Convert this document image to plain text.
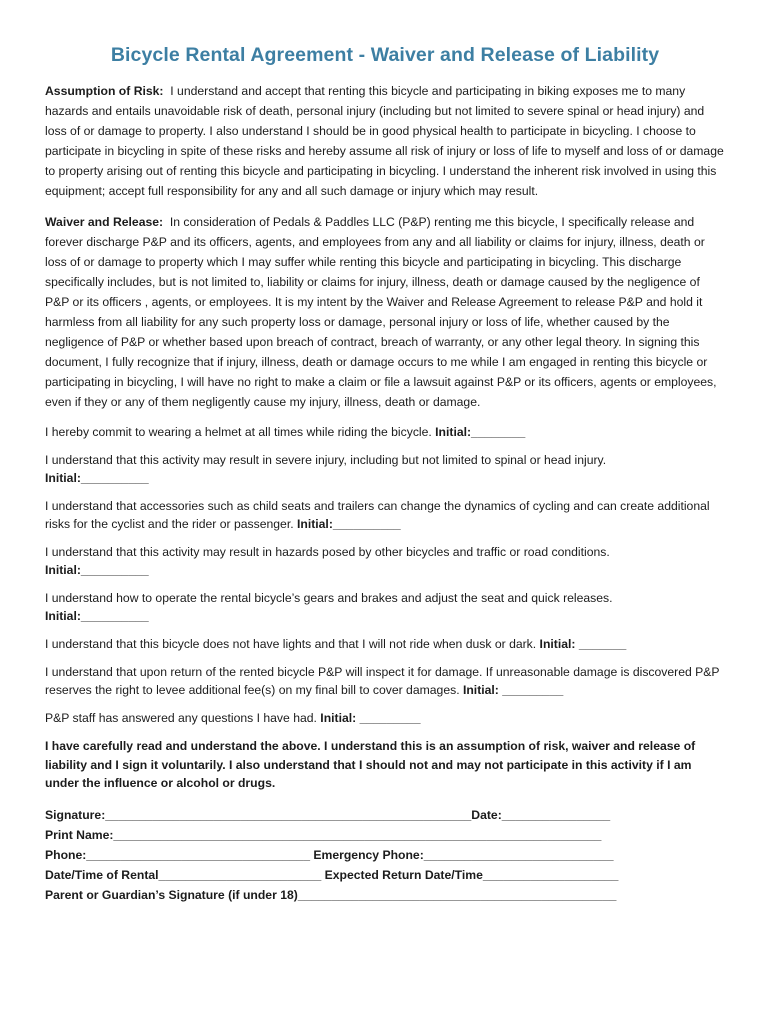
Bicycle Rental Agreement - Waiver and Release of Liability

Assumption of Risk: I understand and accept that renting this bicycle and participating in biking exposes me to many hazards and entails unavoidable risk of death, personal injury (including but not limited to severe spinal or head injury) and loss of or damage to property. I also understand I should be in good physical health to participate in bicycling. I choose to participate in bicycling in spite of these risks and hereby assume all risk of injury or loss of life to myself and loss of or damage to property arising out of renting this bicycle and participating in bicycling. I understand the inherent risk involved in using this equipment; accept full responsibility for any and all such damage or injury which may result.

Waiver and Release: In consideration of Pedals & Paddles LLC (P&P) renting me this bicycle, I specifically release and forever discharge P&P and its officers, agents, and employees from any and all liability or claims for injury, illness, death or loss of or damage to property which I may suffer while renting this bicycle and participating in bicycling. This discharge specifically includes, but is not limited to, liability or claims for injury, illness, death or damage caused by the negligence of P&P or its officers , agents, or employees. It is my intent by the Waiver and Release Agreement to release P&P and hold it harmless from all liability for any such property loss or damage, personal injury or loss of life, whether caused by the negligence of P&P or whether based upon breach of contract, breach of warranty, or any other legal theory. In signing this document, I fully recognize that if injury, illness, death or damage occurs to me while I am engaged in renting this bicycle or participating in bicycling, I will have no right to make a claim or file a lawsuit against P&P or its officers, agents or employees, even if they or any of them negligently cause my injury, illness, death or damage.

I hereby commit to wearing a helmet at all times while riding the bicycle. Initial:________

I understand that this activity may result in severe injury, including but not limited to spinal or head injury.
Initial:__________

I understand that accessories such as child seats and trailers can change the dynamics of cycling and can create additional risks for the cyclist and the rider or passenger. Initial:__________

I understand that this activity may result in hazards posed by other bicycles and traffic or road conditions.
Initial:__________

I understand how to operate the rental bicycle’s gears and brakes and adjust the seat and quick releases.
Initial:__________

I understand that this bicycle does not have lights and that I will not ride when dusk or dark. Initial: _______

I understand that upon return of the rented bicycle P&P will inspect it for damage. If unreasonable damage is discovered P&P reserves the right to levee additional fee(s) on my final bill to cover damages. Initial: _________

P&P staff has answered any questions I have had. Initial: _________

I have carefully read and understand the above. I understand this is an assumption of risk, waiver and release of liability and I sign it voluntarily. I also understand that I should not and may not participate in this activity if I am under the influence or alcohol or drugs.

Signature:______________________________________________________Date:________________
Print Name:________________________________________________________________________
Phone:_________________________________ Emergency Phone:____________________________
Date/Time of Rental________________________ Expected Return Date/Time____________________
Parent or Guardian’s Signature (if under 18)_______________________________________________
